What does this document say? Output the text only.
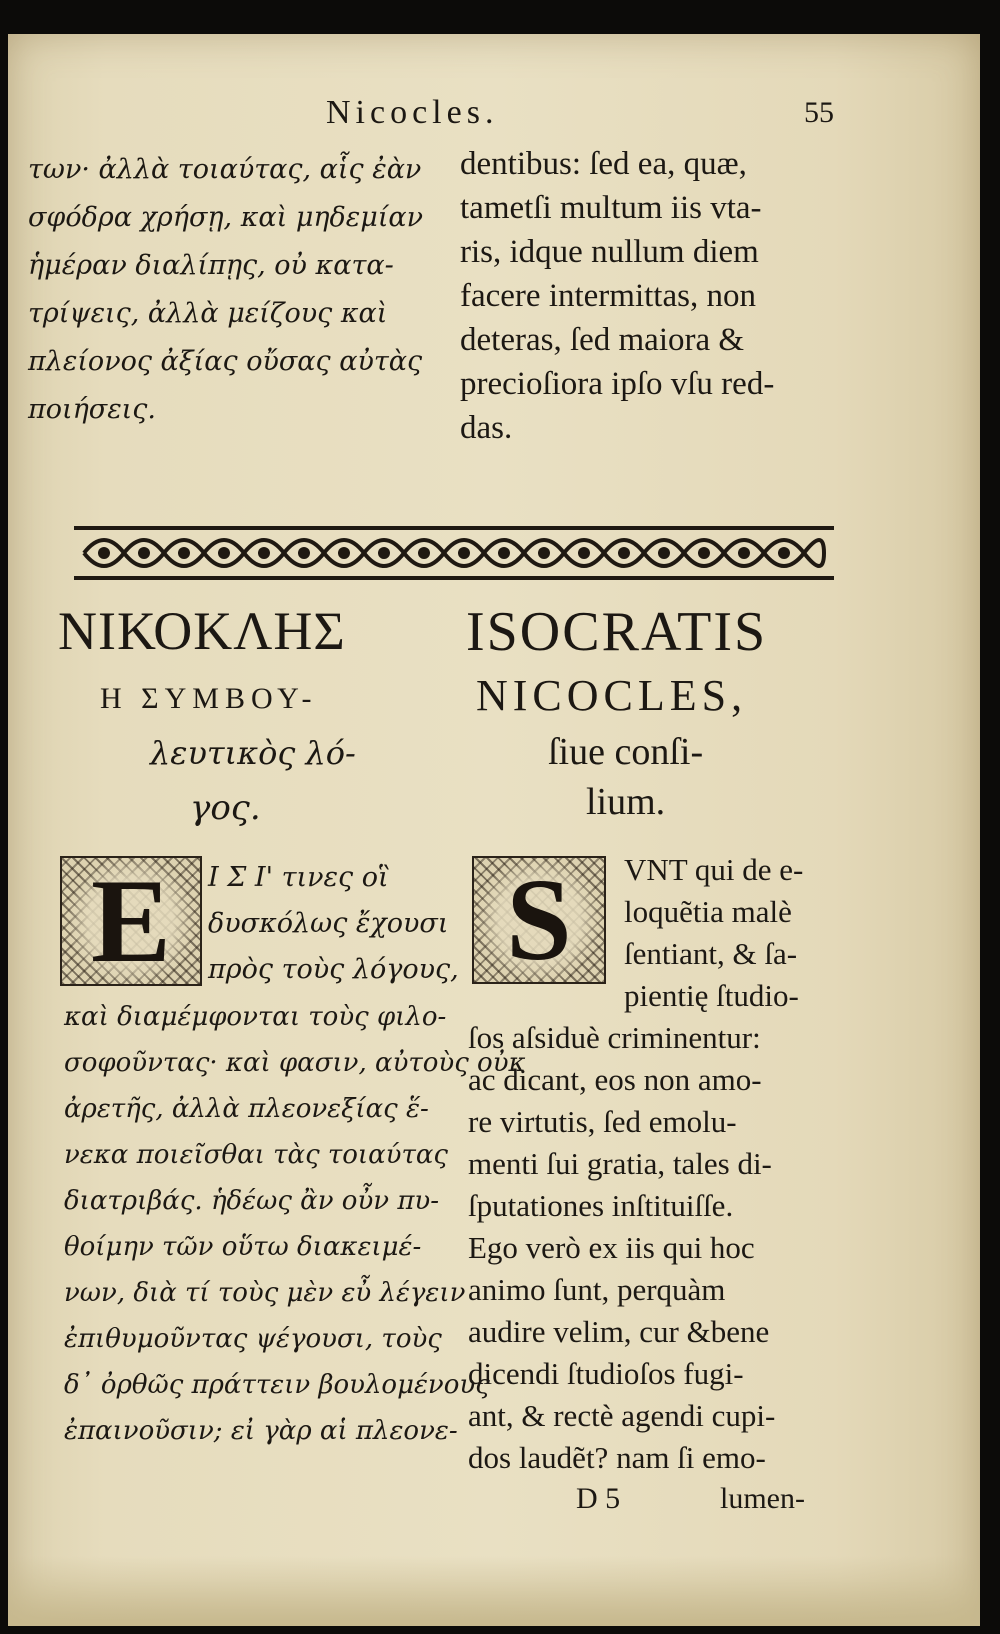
Nicocles.	55
των· ἀλλὰ τοιαύτας, αἷς ἐὰν
σφόδρα χρήσῃ, καὶ μηδεμίαν
ἡμέραν διαλίπῃς, οὐ κατα-
τρίψεις, ἀλλὰ μείζους καὶ
πλείονος ἀξίας οὔσας αὐτὰς
ποιήσεις.
dentibus: ſed ea, quæ,
tametſi multum iis vta-
ris, idque nullum diem
facere intermittas, non
deteras, ſed maiora &
precioſiora ipſo vſu red-
das.
ΝΙΚΟΚΛΗΣ
Η ΣΥΜΒΟΥ-
λευτικὸς λό-
γος.
ISOCRATIS
NICOCLES,
ſiue conſi-
lium.
Ε	Ι Σ Ι' τινες οἳ
δυσκόλως ἔχουσι
πρὸς τοὺς λόγους,
καὶ διαμέμφονται τοὺς φιλο-
σοφοῦντας· καὶ φασιν, αὐτοὺς οὐκ
ἀρετῆς, ἀλλὰ πλεονεξίας ἕ-
νεκα ποιεῖσθαι τὰς τοιαύτας
διατριβάς. ἡδέως ἂν οὖν πυ-
θοίμην τῶν οὕτω διακειμέ-
νων, διὰ τί τοὺς μὲν εὖ λέγειν
ἐπιθυμοῦντας ψέγουσι, τοὺς
δ᾽ ὀρθῶς πράττειν βουλομένους
ἐπαινοῦσιν; εἰ γὰρ αἱ πλεονε-
S	VNT qui de e-
loquẽtia malè
ſentiant, & ſa-
pientię ſtudio-
ſos aſsiduè criminentur:
ac dicant, eos non amo-
re virtutis, ſed emolu-
menti ſui gratia, tales di-
ſputationes inſtituiſſe.
Ego verò ex iis qui hoc
animo ſunt, perquàm
audire velim, cur &bene
dicendi ſtudioſos fugi-
ant, & rectè agendi cupi-
dos laudẽt? nam ſi emo-
D 5	lumen-
